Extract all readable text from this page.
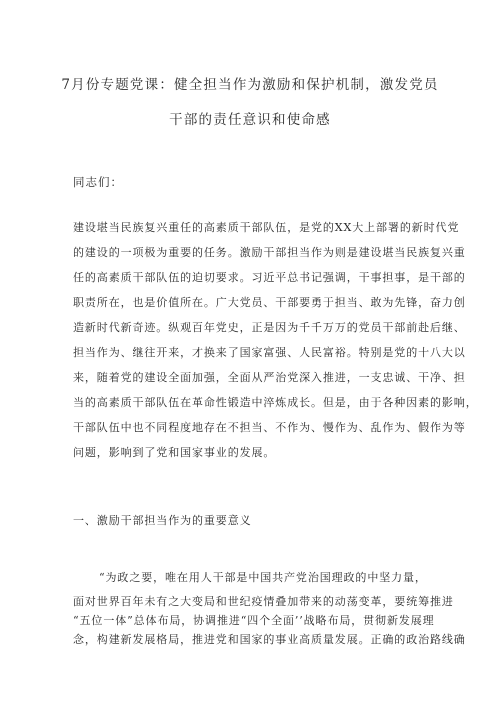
7月份专题党课：健全担当作为激励和保护机制，激发党员
干部的责任意识和使命感
同志们：
建设堪当民族复兴重任的高素质干部队伍，是党的XX大上部署的新时代党
的建设的一项极为重要的任务。激励干部担当作为则是建设堪当民族复兴重
任的高素质干部队伍的迫切要求。习近平总书记强调，干事担事，是干部的
职责所在，也是价值所在。广大党员、干部要勇于担当、敢为先锋，奋力创
造新时代新奇迹。纵观百年党史，正是因为千千万万的党员干部前赴后继、
担当作为、继往开来，才换来了国家富强、人民富裕。特别是党的十八大以
来，随着党的建设全面加强，全面从严治党深入推进，一支忠诚、干净、担
当的高素质干部队伍在革命性锻造中淬炼成长。但是，由于各种因素的影响，
干部队伍中也不同程度地存在不担当、不作为、慢作为、乱作为、假作为等
问题，影响到了党和国家事业的发展。
一、激励干部担当作为的重要意义
“为政之要，唯在用人干部是中国共产党治国理政的中坚力量，
面对世界百年未有之大变局和世纪疫情叠加带来的动荡变革，要统筹推进
“五位一体”总体布局，协调推进“四个全面’’战略布局，贯彻新发展理
念，构建新发展格局，推进党和国家的事业高质量发展。正确的政治路线确
